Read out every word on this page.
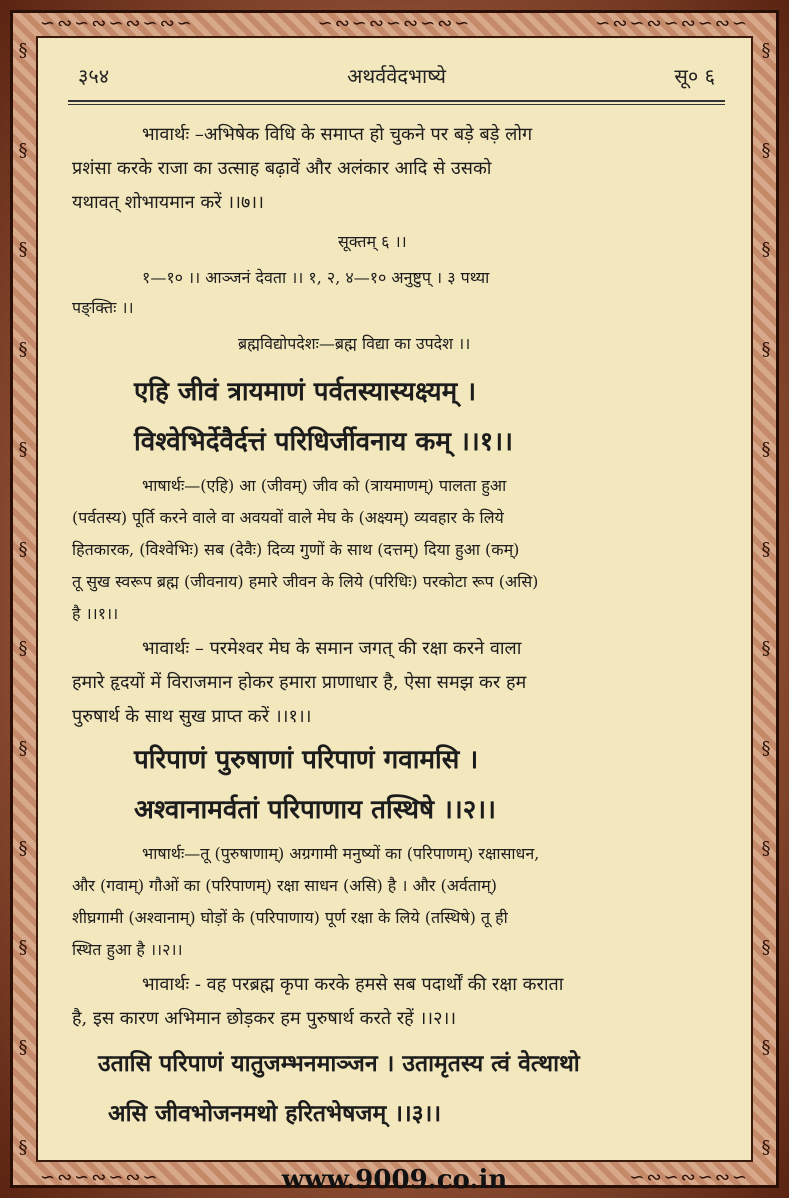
∽∾∽∾∽∾∽∾∽	∽∾∽∾∽∾∽∾∽	∽∾∽∾∽∾∽∾∽
∽∾∽∾∽∾∽	∽∾∽∾∽∾∽
§
§
§
§
§
§
§
§
§
§
§
§
§
§
§
§
§
§
§
§
§
§
§
§
अथर्ववेदभाष्ये
३५४	सू० ६
भावार्थः –अभिषेक विधि के समाप्त हो चुकने पर बड़े बड़े लोग
प्रशंसा करके राजा का उत्साह बढ़ावें और अलंकार आदि से उसको
यथावत् शोभायमान करें ।।७।।
सूक्तम् ६ ।।
१—१० ।। आञ्जनं देवता ।। १, २, ४—१० अनुष्टुप् । ३ पथ्या
पङ्क्तिः ।।
ब्रह्मविद्योपदेशः—ब्रह्म विद्या का उपदेश ।।
एहि जीवं त्रायमाणं पर्वतस्यास्यक्ष्यम् ।
विश्वेभिर्देवैर्दत्तं परिधिर्जीवनाय कम् ।।१।।
भाषार्थः—(एहि) आ (जीवम्) जीव को (त्रायमाणम्) पालता हुआ
(पर्वतस्य) पूर्ति करने वाले वा अवयवों वाले मेघ के (अक्ष्यम्) व्यवहार के लिये
हितकारक, (विश्वेभिः) सब (देवैः) दिव्य गुणों के साथ (दत्तम्) दिया हुआ (कम्)
तू सुख स्वरूप ब्रह्म (जीवनाय) हमारे जीवन के लिये (परिधिः) परकोटा रूप (असि)
है ।।१।।
भावार्थः – परमेश्वर मेघ के समान जगत् की रक्षा करने वाला
हमारे हृदयों में विराजमान होकर हमारा प्राणाधार है, ऐसा समझ कर हम
पुरुषार्थ के साथ सुख प्राप्त करें ।।१।।
परिपाणं पुरुषाणां परिपाणं गवामसि ।
अश्वानामर्वतां परिपाणाय तस्थिषे ।।२।।
भाषार्थः—तू (पुरुषाणाम्) अग्रगामी मनुष्यों का (परिपाणम्) रक्षासाधन,
और (गवाम्) गौओं का (परिपाणम्) रक्षा साधन (असि) है । और (अर्वताम्)
शीघ्रगामी (अश्वानाम्) घोड़ों के (परिपाणाय) पूर्ण रक्षा के लिये (तस्थिषे) तू ही
स्थित हुआ है ।।२।।
भावार्थः - वह परब्रह्म कृपा करके हमसे सब पदार्थों की रक्षा कराता
है, इस कारण अभिमान छोड़कर हम पुरुषार्थ करते रहें ।।२।।
उतासि परिपाणं यातुजम्भनमाञ्जन । उतामृतस्य त्वं वेत्थाथो
असि जीवभोजनमथो हरितभेषजम् ।।३।।
www.9009.co.in
